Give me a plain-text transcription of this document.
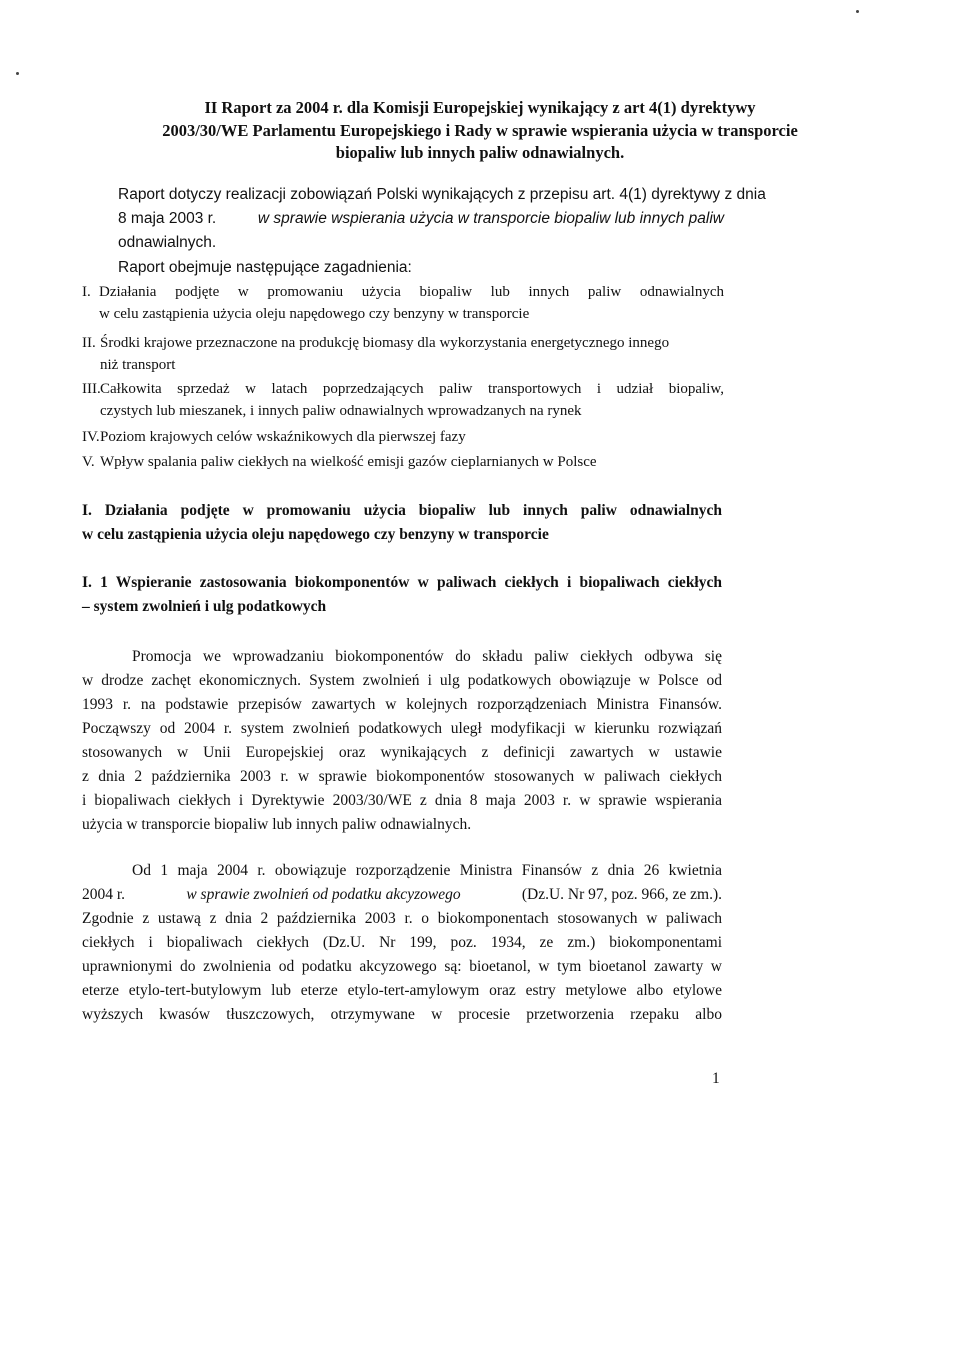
II Raport za 2004 r. dla Komisji Europejskiej wynikający z art 4(1) dyrektywy
2003/30/WE Parlamentu Europejskiego i Rady w sprawie wspierania użycia w transporcie
biopaliw lub innych paliw odnawialnych.
Raport dotyczy realizacji zobowiązań Polski wynikających z przepisu art. 4(1) dyrektywy z dnia
8 maja 2003 r.	w sprawie wspierania użycia w transporcie biopaliw lub innych paliw
odnawialnych.
Raport obejmuje następujące zagadnienia:
I. Działania podjęte w promowaniu użycia biopaliw lub innych paliw odnawialnych
w celu zastąpienia użycia oleju napędowego czy benzyny w transporcie
II. Środki krajowe przeznaczone na produkcję biomasy dla wykorzystania energetycznego innego
niż transport
III. Całkowita sprzedaż w latach poprzedzających paliw transportowych i udział biopaliw,
czystych lub mieszanek, i innych paliw odnawialnych wprowadzanych na rynek
IV. Poziom krajowych celów wskaźnikowych dla pierwszej fazy
V. Wpływ spalania paliw ciekłych na wielkość emisji gazów cieplarnianych w Polsce
I. Działania podjęte w promowaniu użycia biopaliw lub innych paliw odnawialnych
w celu zastąpienia użycia oleju napędowego czy benzyny w transporcie
I. 1 Wspieranie zastosowania biokomponentów w paliwach ciekłych i biopaliwach ciekłych
– system zwolnień i ulg podatkowych
Promocja we wprowadzaniu biokomponentów do składu paliw ciekłych odbywa się
w drodze zachęt ekonomicznych. System zwolnień i ulg podatkowych obowiązuje w Polsce od
1993 r. na podstawie przepisów zawartych w kolejnych rozporządzeniach Ministra Finansów.
Począwszy od 2004 r. system zwolnień podatkowych uległ modyfikacji w kierunku rozwiązań
stosowanych w Unii Europejskiej oraz wynikających z definicji zawartych w ustawie
z dnia 2 października 2003 r. w sprawie biokomponentów stosowanych w paliwach ciekłych
i biopaliwach ciekłych i Dyrektywie 2003/30/WE z dnia 8 maja 2003 r. w sprawie wspierania
użycia w transporcie biopaliw lub innych paliw odnawialnych.
Od 1 maja 2004 r. obowiązuje rozporządzenie Ministra Finansów z dnia 26 kwietnia
2004 r.	w sprawie zwolnień od podatku akcyzowego	(Dz.U. Nr 97, poz. 966, ze zm.).
Zgodnie z ustawą z dnia 2 października 2003 r. o biokomponentach stosowanych w paliwach
ciekłych i biopaliwach ciekłych (Dz.U. Nr 199, poz. 1934, ze zm.) biokomponentami
uprawnionymi do zwolnienia od podatku akcyzowego są: bioetanol, w tym bioetanol zawarty w
eterze etylo-tert-butylowym lub eterze etylo-tert-amylowym oraz estry metylowe albo etylowe
wyższych kwasów tłuszczowych, otrzymywane w procesie przetworzenia rzepaku albo
1
